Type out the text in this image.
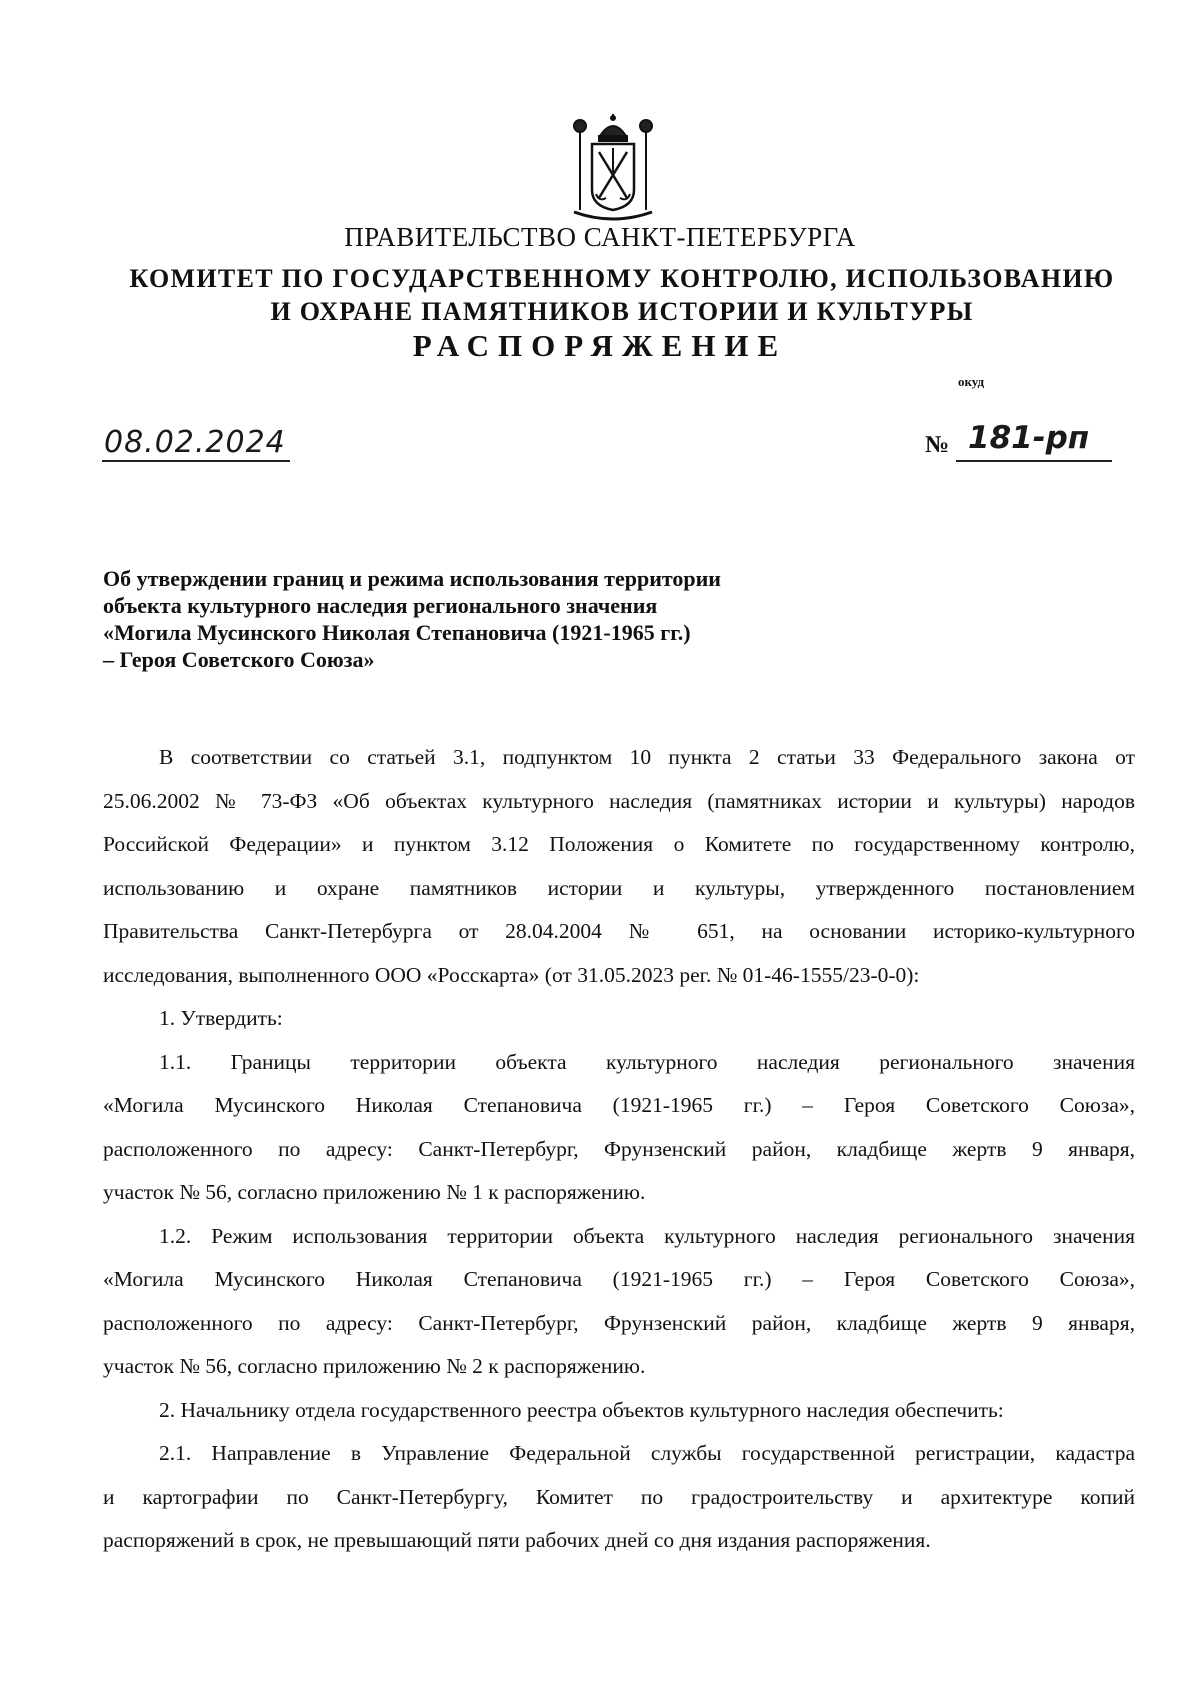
ПРАВИТЕЛЬСТВО САНКТ-ПЕТЕРБУРГА
КОМИТЕТ ПО ГОСУДАРСТВЕННОМУ КОНТРОЛЮ, ИСПОЛЬЗОВАНИЮ
И ОХРАНЕ ПАМЯТНИКОВ ИСТОРИИ И КУЛЬТУРЫ
РАСПОРЯЖЕНИЕ
окуд
08.02.2024	№ 181-рп
Об утверждении границ и режима использования территории
объекта культурного наследия регионального значения
«Могила Мусинского Николая Степановича (1921-1965 гг.)
– Героя Советского Союза»
В соответствии со статьей 3.1, подпунктом 10 пункта 2 статьи 33 Федерального закона от
25.06.2002 № 73-ФЗ «Об объектах культурного наследия (памятниках истории и культуры) народов
Российской Федерации» и пунктом 3.12 Положения о Комитете по государственному контролю,
использованию и охране памятников истории и культуры, утвержденного постановлением
Правительства Санкт-Петербурга от 28.04.2004 № 651, на основании историко-культурного
исследования, выполненного ООО «Росскарта» (от 31.05.2023 рег. № 01-46-1555/23-0-0):
1. Утвердить:
1.1. Границы территории объекта культурного наследия регионального значения
«Могила Мусинского Николая Степановича (1921-1965 гг.) – Героя Советского Союза»,
расположенного по адресу: Санкт-Петербург, Фрунзенский район, кладбище жертв 9 января,
участок № 56, согласно приложению № 1 к распоряжению.
1.2. Режим использования территории объекта культурного наследия регионального значения
«Могила Мусинского Николая Степановича (1921-1965 гг.) – Героя Советского Союза»,
расположенного по адресу: Санкт-Петербург, Фрунзенский район, кладбище жертв 9 января,
участок № 56, согласно приложению № 2 к распоряжению.
2. Начальнику отдела государственного реестра объектов культурного наследия обеспечить:
2.1. Направление в Управление Федеральной службы государственной регистрации, кадастра
и картографии по Санкт-Петербургу, Комитет по градостроительству и архитектуре копий
распоряжений в срок, не превышающий пяти рабочих дней со дня издания распоряжения.
